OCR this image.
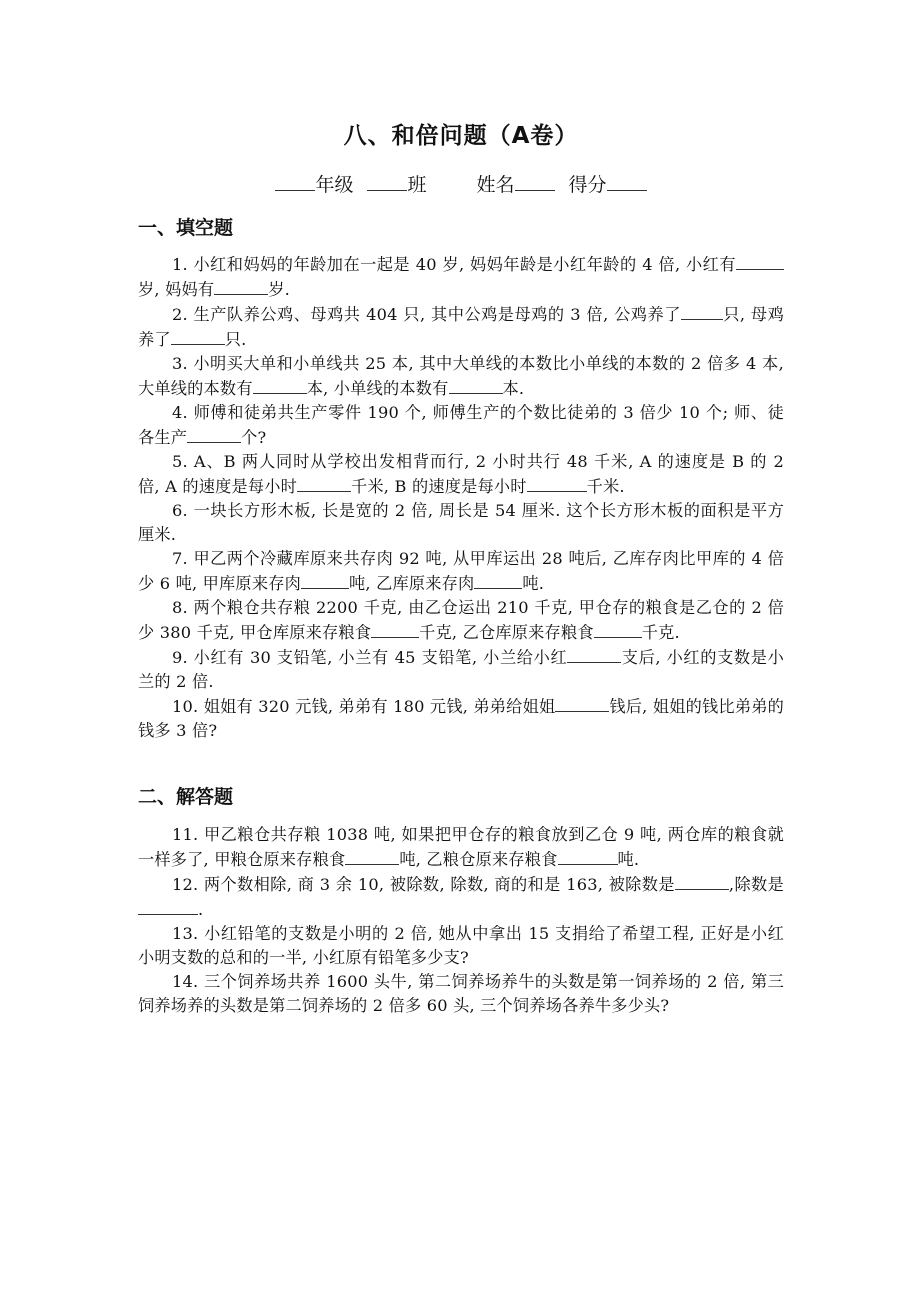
八、和倍问题（A卷）
年级	班	姓名	得分
一、填空题

1. 小红和妈妈的年龄加在一起是 40 岁, 妈妈年龄是小红年龄的 4 倍, 小红有岁, 妈妈有	岁.

2. 生产队养公鸡、母鸡共 404 只, 其中公鸡是母鸡的 3 倍, 公鸡养了	只, 母鸡养了	只.

3. 小明买大单和小单线共 25 本, 其中大单线的本数比小单线的本数的 2 倍多 4 本, 大单线的本数有	本, 小单线的本数有	本.

4. 师傅和徒弟共生产零件 190 个, 师傅生产的个数比徒弟的 3 倍少 10 个; 师、徒各生产	个?

5. A、B 两人同时从学校出发相背而行, 2 小时共行 48 千米, A 的速度是 B 的 2 倍, A 的速度是每小时	千米, B 的速度是每小时	千米.

6. 一块长方形木板, 长是宽的 2 倍, 周长是 54 厘米. 这个长方形木板的面积是平方厘米.

7. 甲乙两个冷藏库原来共存肉 92 吨, 从甲库运出 28 吨后, 乙库存肉比甲库的 4 倍少 6 吨, 甲库原来存肉	吨, 乙库原来存肉	吨.

8. 两个粮仓共存粮 2200 千克, 由乙仓运出 210 千克, 甲仓存的粮食是乙仓的 2 倍少 380 千克, 甲仓库原来存粮食	千克, 乙仓库原来存粮食	千克.

9. 小红有 30 支铅笔, 小兰有 45 支铅笔, 小兰给小红	支后, 小红的支数是小兰的 2 倍.

10. 姐姐有 320 元钱, 弟弟有 180 元钱, 弟弟给姐姐	钱后, 姐姐的钱比弟弟的钱多 3 倍?

二、解答题

11. 甲乙粮仓共存粮 1038 吨, 如果把甲仓存的粮食放到乙仓 9 吨, 两仓库的粮食就一样多了, 甲粮仓原来存粮食	吨, 乙粮仓原来存粮食	吨.

12. 两个数相除, 商 3 余 10, 被除数, 除数, 商的和是 163, 被除数是	,除数是.

13. 小红铅笔的支数是小明的 2 倍, 她从中拿出 15 支捐给了希望工程, 正好是小红小明支数的总和的一半, 小红原有铅笔多少支?

14. 三个饲养场共养 1600 头牛, 第二饲养场养牛的头数是第一饲养场的 2 倍, 第三饲养场养的头数是第二饲养场的 2 倍多 60 头, 三个饲养场各养牛多少头?
